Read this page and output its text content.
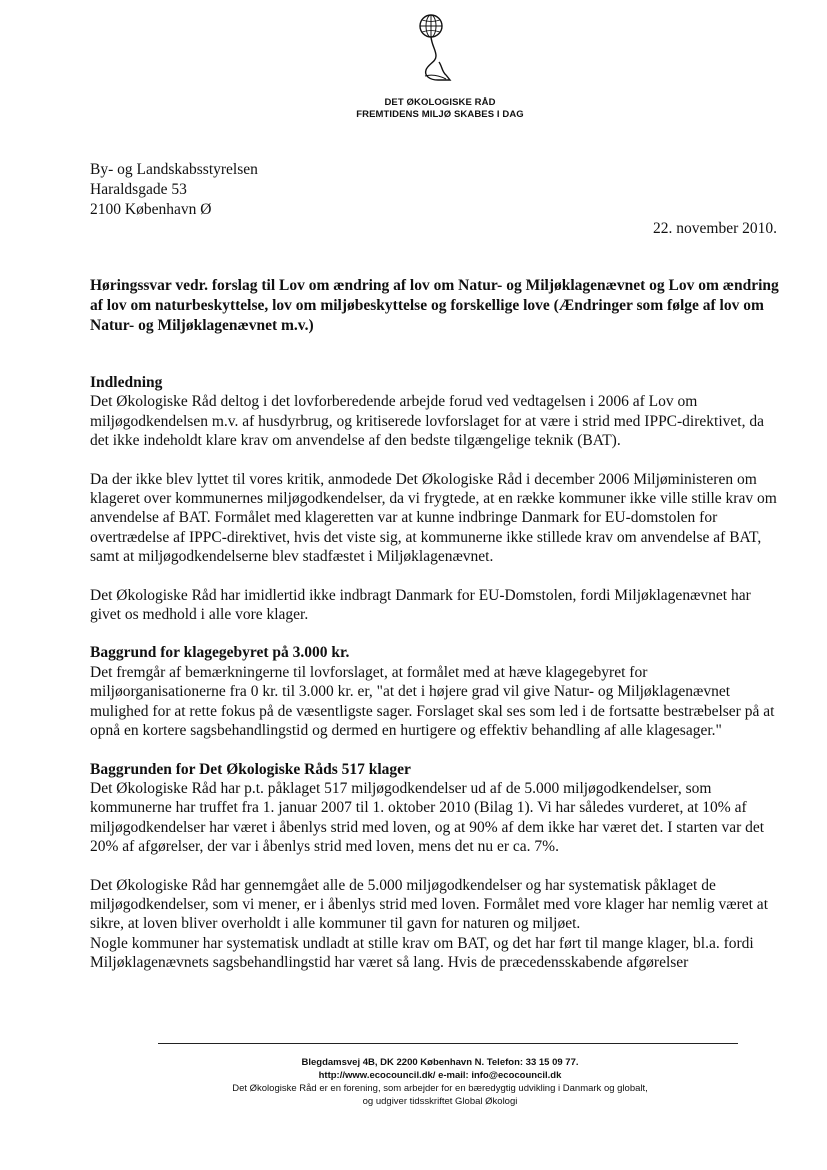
DET ØKOLOGISKE RÅD
FREMTIDENS MILJØ SKABES I DAG
By- og Landskabsstyrelsen
Haraldsgade 53
2100 København Ø
22. november 2010.
Høringssvar vedr. forslag til Lov om ændring af lov om Natur- og Miljøklagenævnet og Lov om ændring af lov om naturbeskyttelse, lov om miljøbeskyttelse og forskellige love (Ændringer som følge af lov om Natur- og Miljøklagenævnet m.v.)
Indledning

Det Økologiske Råd deltog i det lovforberedende arbejde forud ved vedtagelsen i 2006 af Lov om miljøgodkendelsen m.v. af husdyrbrug, og kritiserede lovforslaget for at være i strid med IPPC-direktivet, da det ikke indeholdt klare krav om anvendelse af den bedste tilgængelige teknik (BAT).

Da der ikke blev lyttet til vores kritik, anmodede Det Økologiske Råd i december 2006 Miljøministeren om klageret over kommunernes miljøgodkendelser, da vi frygtede, at en række kommuner ikke ville stille krav om anvendelse af BAT. Formålet med klageretten var at kunne indbringe Danmark for EU-domstolen for overtrædelse af IPPC-direktivet, hvis det viste sig, at kommunerne ikke stillede krav om anvendelse af BAT, samt at miljøgodkendelserne blev stadfæstet i Miljøklagenævnet.

Det Økologiske Råd har imidlertid ikke indbragt Danmark for EU-Domstolen, fordi Miljøklagenævnet har givet os medhold i alle vore klager.

Baggrund for klagegebyret på 3.000 kr.

Det fremgår af bemærkningerne til lovforslaget, at formålet med at hæve klagegebyret for miljøorganisationerne fra 0 kr. til 3.000 kr. er, "at det i højere grad vil give Natur- og Miljøklagenævnet mulighed for at rette fokus på de væsentligste sager. Forslaget skal ses som led i de fortsatte bestræbelser på at opnå en kortere sagsbehandlingstid og dermed en hurtigere og effektiv behandling af alle klagesager."

Baggrunden for Det Økologiske Råds 517 klager

Det Økologiske Råd har p.t. påklaget 517 miljøgodkendelser ud af de 5.000 miljøgodkendelser, som kommunerne har truffet fra 1. januar 2007 til 1. oktober 2010 (Bilag 1). Vi har således vurderet, at 10% af miljøgodkendelser har været i åbenlys strid med loven, og at 90% af dem ikke har været det. I starten var det 20% af afgørelser, der var i åbenlys strid med loven, mens det nu er ca. 7%.

Det Økologiske Råd har gennemgået alle de 5.000 miljøgodkendelser og har systematisk påklaget de miljøgodkendelser, som vi mener, er i åbenlys strid med loven. Formålet med vore klager har nemlig været at sikre, at loven bliver overholdt i alle kommuner til gavn for naturen og miljøet.

Nogle kommuner har systematisk undladt at stille krav om BAT, og det har ført til mange klager, bl.a. fordi Miljøklagenævnets sagsbehandlingstid har været så lang. Hvis de præcedensskabende afgørelser

Blegdamsvej 4B, DK 2200 København N. Telefon: 33 15 09 77.
http://www.ecocouncil.dk/ e-mail: info@ecocouncil.dk
Det Økologiske Råd er en forening, som arbejder for en bæredygtig udvikling i Danmark og globalt,
og udgiver tidsskriftet Global Økologi
